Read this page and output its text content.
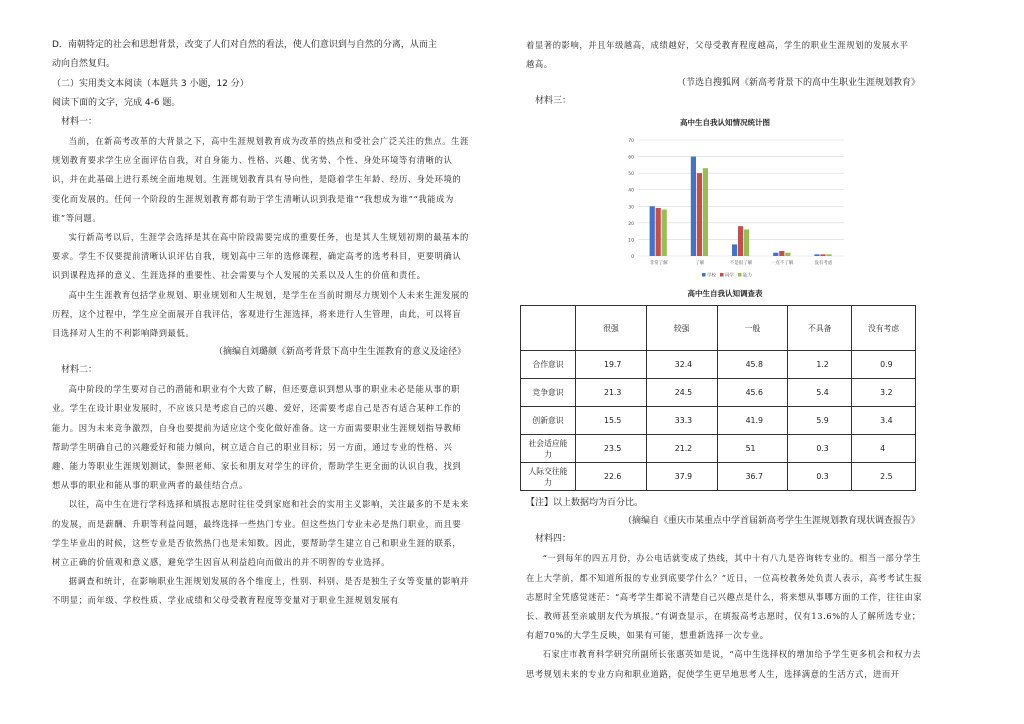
D．南朝特定的社会和思想背景，改变了人们对自然的看法，使人们意识到与自然的分离，从而主

动向自然复归。

（二）实用类文本阅读（本题共 3 小题，12 分）

阅读下面的文字，完成 4-6 题。

材料一：

当前，在新高考改革的大背景之下，高中生涯规划教育成为改革的热点和受社会广泛关注的焦点。生涯规划教育要求学生应全面评估自我，对自身能力、性格、兴趣、优劣势、个性、身处环境等有清晰的认识，并在此基础上进行系统全面地规划。生涯规划教育具有导向性，是隐着学生年龄、经历、身处环境的变化而发展的。任何一个阶段的生涯规划教育都有助于学生清晰认识到我是谁”“我想成为谁”“我能成为谁”等问题。

实行新高考以后，生涯学会选择是其在高中阶段需要完成的重要任务，也是其人生规划初期的最基本的要求。学生不仅要提前清晰认识评估自我，规划高中三年的选修课程，确定高考的选考科目，更要明确认识到课程选择的意义、生涯选择的重要性、社会需要与个人发展的关系以及人生的价值和责任。

高中生生涯教育包括学业规划、职业规划和人生规划，是学生在当前时期尽力规划个人未来生涯发展的历程，这个过程中，学生应全面展开自我评估，客观进行生涯选择，将来进行人生管理，由此，可以将盲目选择对人生的不利影响降到最低。

（摘编自刘璐颜《新高考背景下高中生生涯教育的意义及途径》

材料二：

高中阶段的学生要对自己的潜能和职业有个大致了解，但还要意识到想从事的职业未必是能从事的职业。学生在设计职业发展时，不应该只是考虑自己的兴趣、爱好，还需要考虑自己是否有适合某种工作的能力。因为未来竞争激烈，自身也要提前为适应这个变化做好准备。这一方面需要职业生涯规划指导教师帮助学生明确自己的兴趣爱好和能力倾向，树立适合自己的职业目标；另一方面，通过专业的性格、兴趣、能力等职业生涯规划测试，参照老师、家长和朋友对学生的评价，帮助学生更全面的认识自我，找到想从事的职业和能从事的职业两者的最佳结合点。

以往，高中生在进行学科选择和填报志愿时往往受到家庭和社会的实用主义影响，关注最多的不是未来的发展，而是薪酬、升职等利益问题，最终选择一些热门专业。但这些热门专业未必是热门职业，而且要学生毕业出的时候，这些专业是否依然热门也是未知数。因此，要帮助学生建立自己和职业生涯的联系，树立正确的价值观和意义感，避免学生因盲从利益趋向而做出的并不明智的专业选择。

据调查和统计，在影响职业生涯规划发展的各个维度上，性别、科别、是否是独生子女等变量的影响并不明显；而年级、学校性质、学业成绩和父母受教育程度等变量对于职业生涯规划发展有

着显著的影响，并且年级越高，成绩越好，父母受教育程度越高，学生的职业生涯规划的发展水平

越高。

（节选自搜狐网《新高考背景下的高中生职业生涯规划教育》

材料三：

高中生自我认知情况统计图
0
10
20
30
40
50
60
70
非常了解	了解	不是很了解	一点不了解	没有考虑
学校 同学 能力
高中生自我认知调查表
	很强	较强	一般	不具备	没有考虑
合作意识	19.7	32.4	45.8	1.2	0.9
竞争意识	21.3	24.5	45.6	5.4	3.2
创新意识	15.5	33.3	41.9	5.9	3.4
社会适应能力	23.5	21.2	51	0.3	4
人际交往能力	22.6	37.9	36.7	0.3	2.5

【注】以上数据均为百分比。

（摘编自《重庆市某重点中学首届新高考学生生涯规划教育现状调查报告》

材料四：

“一到每年的四五月份，办公电话就变成了热线，其中十有八九是咨询转专业的。相当一部分学生在上大学前，都不知道所报的专业到底要学什么？”近日，一位高校教务处负责人表示，高考考试生报志愿时全凭感觉迷茫：“高考学生都说不清楚自己兴趣点是什么，将来想从事哪方面的工作，往往由家长、教师甚至亲戚朋友代为填报。”有调查显示，在填报高考志愿时，仅有13.6%的人了解所选专业；有超70%的大学生反映，如果有可能，想重新选择一次专业。

石家庄市教育科学研究所副所长张惠英如是说，“高中生选择权的增加给予学生更多机会和权力去思考规划未来的专业方向和职业道路，促使学生更早地思考人生，选择满意的生活方式，进而开
